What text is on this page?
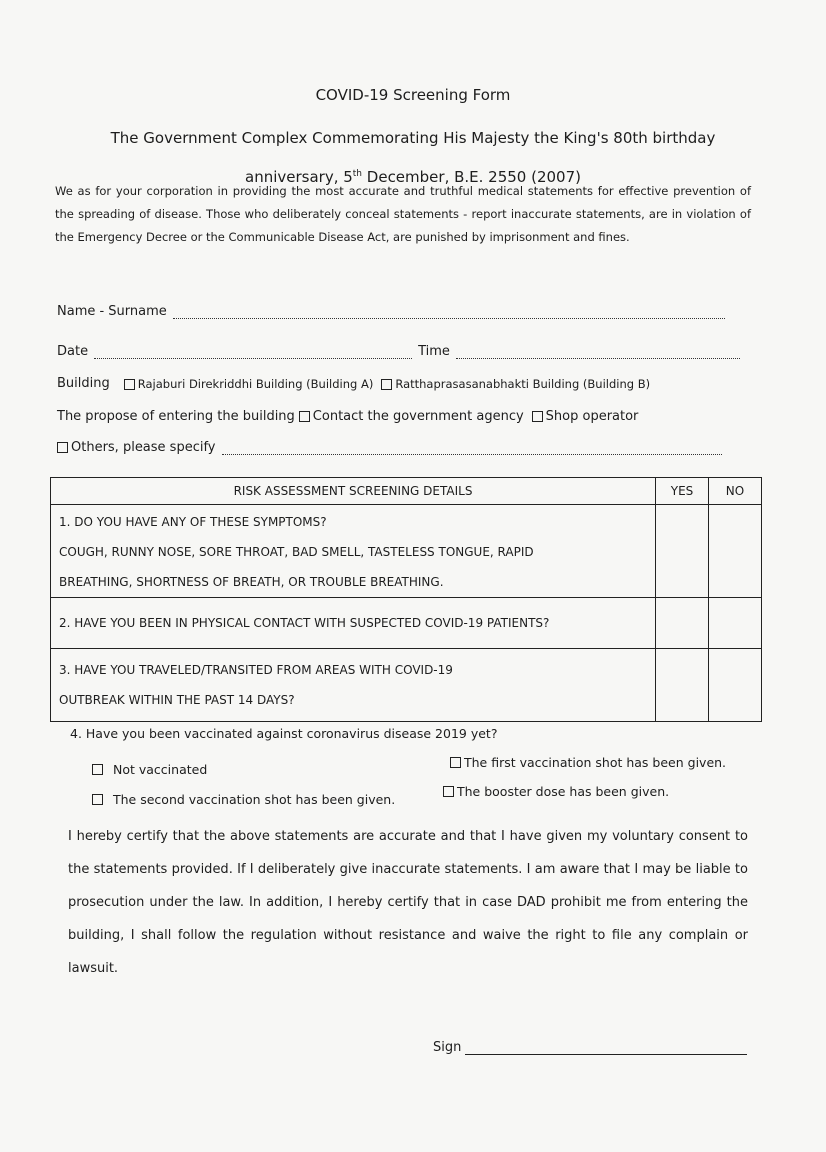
COVID-19 Screening Form
The Government Complex Commemorating His Majesty the King's 80th birthday
anniversary, 5th December, B.E. 2550 (2007)
We as for your corporation in providing the most accurate and truthful medical statements for effective prevention of the spreading of disease. Those who deliberately conceal statements - report inaccurate statements, are in violation of the Emergency Decree or the Communicable Disease Act, are punished by imprisonment and fines.
Name - Surname
Date	Time
Building Rajaburi Direkriddhi Building (Building A) Ratthaprasasanabhakti Building (Building B)
The propose of entering the building Contact the government agency Shop operator
Others, please specify
RISK ASSESSMENT SCREENING DETAILS	YES	NO

1. DO YOU HAVE ANY OF THESE SYMPTOMS?
COUGH, RUNNY NOSE, SORE THROAT, BAD SMELL, TASTELESS TONGUE, RAPID
BREATHING, SHORTNESS OF BREATH, OR TROUBLE BREATHING.		

2. HAVE YOU BEEN IN PHYSICAL CONTACT WITH SUSPECTED COVID-19 PATIENTS?		

3. HAVE YOU TRAVELED/TRANSITED FROM AREAS WITH COVID-19
OUTBREAK WITHIN THE PAST 14 DAYS?		

4. Have you been vaccinated against coronavirus disease 2019 yet?
Not vaccinated	The first vaccination shot has been given.
The second vaccination shot has been given.
The booster dose has been given.
I hereby certify that the above statements are accurate and that I have given my voluntary consent to the statements provided. If I deliberately give inaccurate statements. I am aware that I may be liable to prosecution under the law. In addition, I hereby certify that in case DAD prohibit me from entering the building, I shall follow the regulation without resistance and waive the right to file any complain or lawsuit.
Sign
